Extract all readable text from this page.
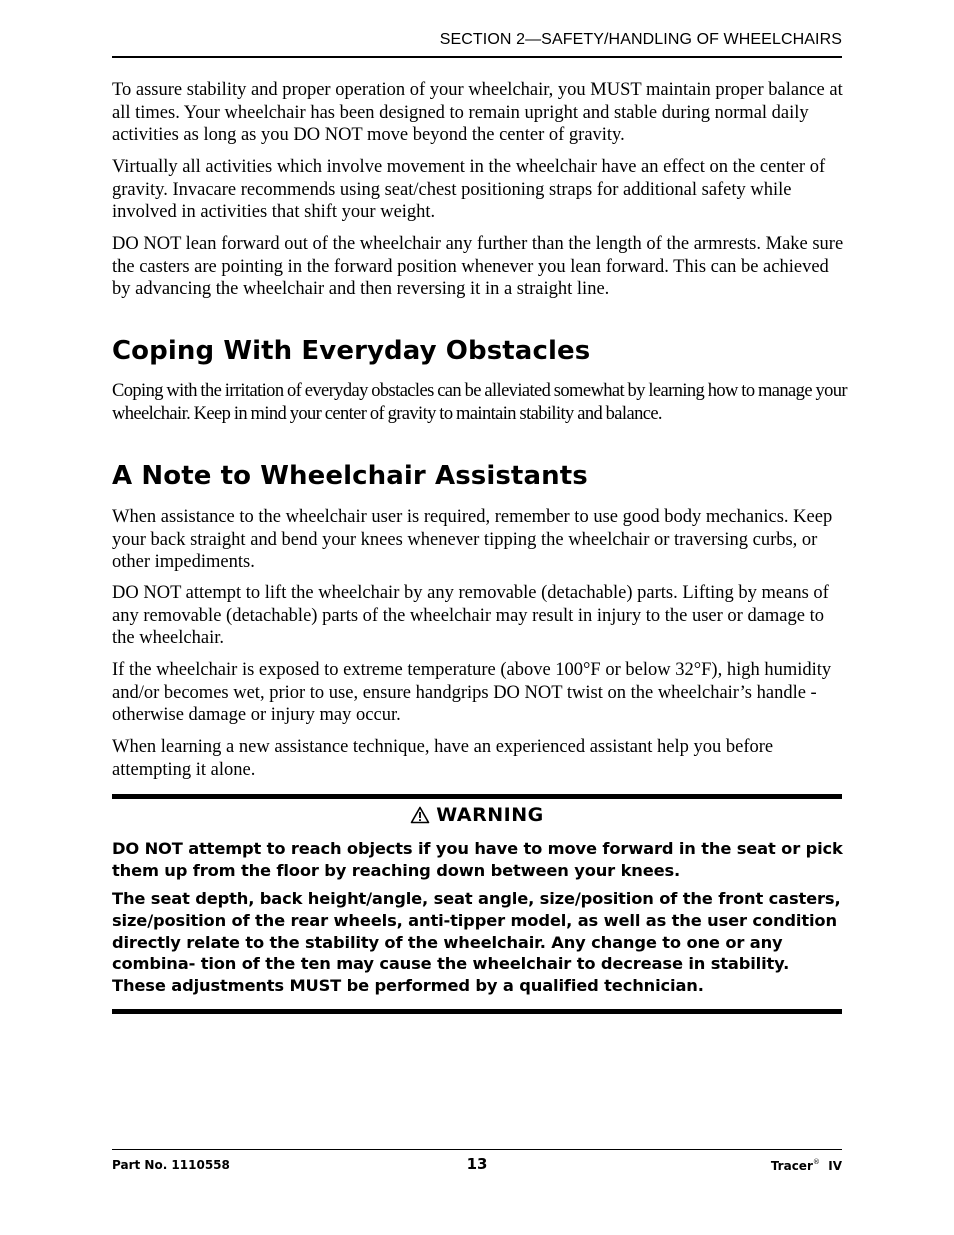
SECTION 2—SAFETY/HANDLING OF WHEELCHAIRS

To assure stability and proper operation of your wheelchair, you MUST maintain proper balance at all times. Your wheelchair has been designed to remain upright and stable during normal daily activities as long as you DO NOT move beyond the center of gravity.

Virtually all activities which involve movement in the wheelchair have an effect on the center of gravity. Invacare recommends using seat/chest positioning straps for additional safety while involved in activities that shift your weight.

DO NOT lean forward out of the wheelchair any further than the length of the armrests. Make sure the casters are pointing in the forward position whenever you lean forward. This can be achieved by advancing the wheelchair and then reversing it in a straight line.

Coping With Everyday Obstacles

Coping with the irritation of everyday obstacles can be alleviated somewhat by learning how to manage your wheelchair. Keep in mind your center of gravity to maintain stability and balance.

A Note to Wheelchair Assistants

When assistance to the wheelchair user is required, remember to use good body mechanics. Keep your back straight and bend your knees whenever tipping the wheelchair or traversing curbs, or other impediments.

DO NOT attempt to lift the wheelchair by any removable (detachable) parts. Lifting by means of any removable (detachable) parts of the wheelchair may result in injury to the user or damage to the wheelchair.

If the wheelchair is exposed to extreme temperature (above 100°F or below 32°F), high humidity and/or becomes wet, prior to use, ensure handgrips DO NOT twist on the wheelchair’s handle - otherwise damage or injury may occur.

When learning a new assistance technique, have an experienced assistant help you before attempting it alone.

WARNING

DO NOT attempt to reach objects if you have to move forward in the seat or pick them up from the floor by reaching down between your knees.

The seat depth, back height/angle, seat angle, size/position of the front casters, size/position of the rear wheels, anti-tipper model, as well as the user condition directly relate to the stability of the wheelchair. Any change to one or any combina- tion of the ten may cause the wheelchair to decrease in stability. These adjustments MUST be performed by a qualified technician.

Part No. 1110558	13	Tracer® IV
